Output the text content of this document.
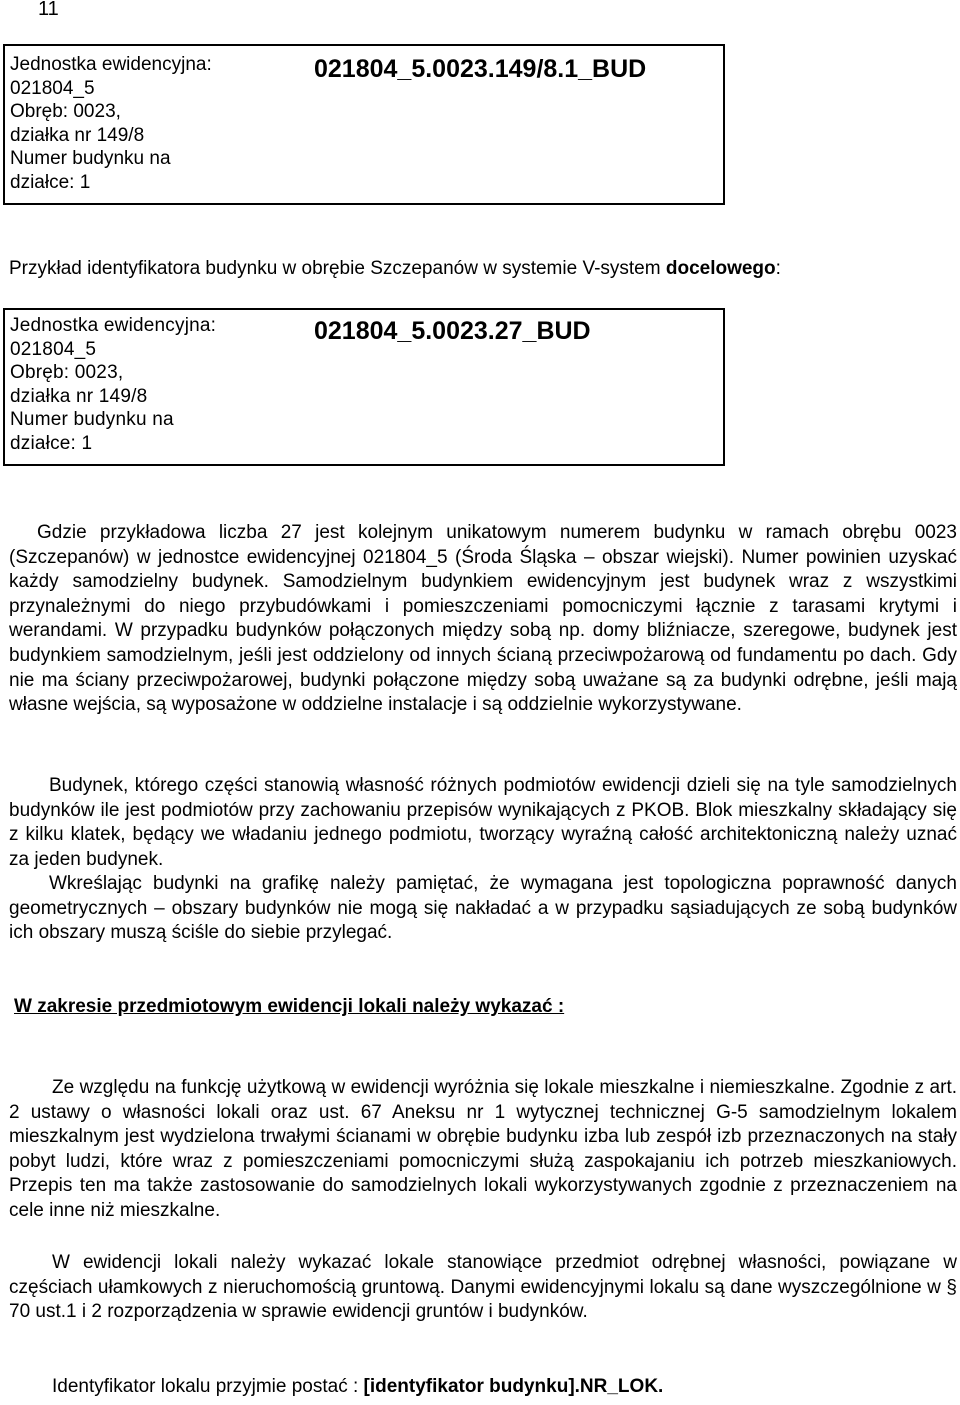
11
Jednostka ewidencyjna:
021804_5
Obręb: 0023,
działka nr 149/8
Numer budynku na
działce: 1
021804_5.0023.149/8.1_BUD
Przykład identyfikatora budynku w obrębie Szczepanów w systemie V-system docelowego:
Jednostka ewidencyjna:
021804_5
Obręb: 0023,
działka nr 149/8
Numer budynku na
działce: 1
021804_5.0023.27_BUD

Gdzie przykładowa liczba 27 jest kolejnym unikatowym numerem budynku w ramach obrębu 0023 (Szczepanów) w jednostce ewidencyjnej 021804_5 (Środa Śląska – obszar wiejski). Numer powinien uzyskać każdy samodzielny budynek. Samodzielnym budynkiem ewidencyjnym jest budynek wraz z wszystkimi przynależnymi do niego przybudówkami i pomieszczeniami pomocniczymi łącznie z tarasami krytymi i werandami. W przypadku budynków połączonych między sobą np. domy bliźniacze, szeregowe, budynek jest budynkiem samodzielnym, jeśli jest oddzielony od innych ścianą przeciwpożarową od fundamentu po dach. Gdy nie ma ściany przeciwpożarowej, budynki połączone między sobą uważane są za budynki odrębne, jeśli mają własne wejścia, są wyposażone w oddzielne instalacje i są oddzielnie wykorzystywane.

Budynek, którego części stanowią własność różnych podmiotów ewidencji dzieli się na tyle samodzielnych budynków ile jest podmiotów przy zachowaniu przepisów wynikających z PKOB. Blok mieszkalny składający się z kilku klatek, będący we władaniu jednego podmiotu, tworzący wyraźną całość architektoniczną należy uznać za jeden budynek.

Wkreślając budynki na grafikę należy pamiętać, że wymagana jest topologiczna poprawność danych geometrycznych – obszary budynków nie mogą się nakładać a w przypadku sąsiadujących ze sobą budynków ich obszary muszą ściśle do siebie przylegać.

W zakresie przedmiotowym ewidencji lokali należy wykazać :

Ze względu na funkcję użytkową w ewidencji wyróżnia się lokale mieszkalne i niemieszkalne. Zgodnie z art. 2 ustawy o własności lokali oraz ust. 67 Aneksu nr 1 wytycznej technicznej G-5 samodzielnym lokalem mieszkalnym jest wydzielona trwałymi ścianami w obrębie budynku izba lub zespół izb przeznaczonych na stały pobyt ludzi, które wraz z pomieszczeniami pomocniczymi służą zaspokajaniu ich potrzeb mieszkaniowych. Przepis ten ma także zastosowanie do samodzielnych lokali wykorzystywanych zgodnie z przeznaczeniem na cele inne niż mieszkalne.

W ewidencji lokali należy wykazać lokale stanowiące przedmiot odrębnej własności, powiązane w częściach ułamkowych z nieruchomością gruntową. Danymi ewidencyjnymi lokalu są dane wyszczególnione w § 70 ust.1 i 2 rozporządzenia w sprawie ewidencji gruntów i budynków.

Identyfikator lokalu przyjmie postać : [identyfikator budynku].NR_LOK.
